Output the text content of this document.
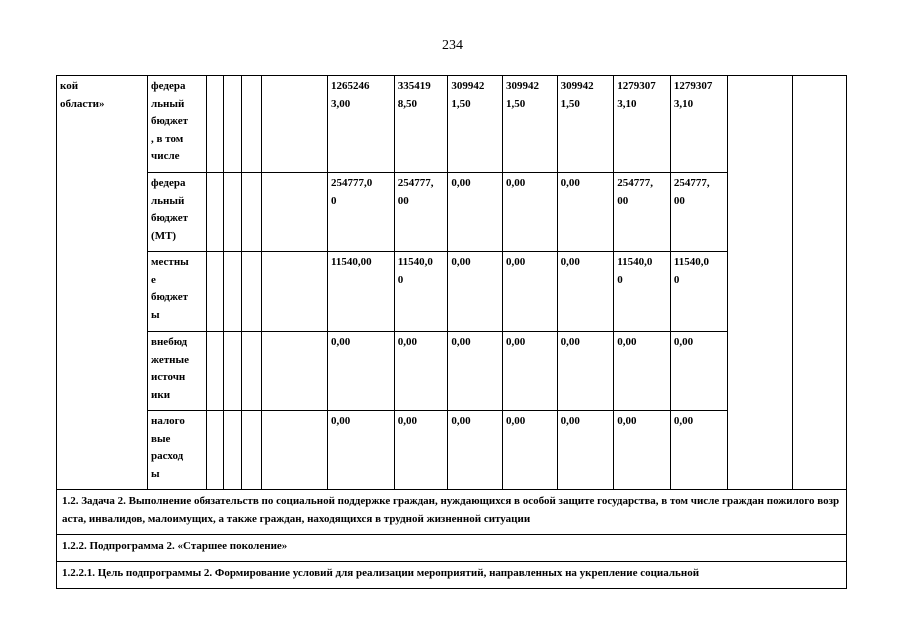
234
кой
области»	федера
льный
бюджет
, в том
числе					1265246
3,00	335419
8,50	309942
1,50	309942
1,50	309942
1,50	1279307
3,10	1279307
3,10		
	федера
льный
бюджет
(МТ)					254777,0
0	254777,
00	0,00	0,00	0,00	254777,
00	254777,
00		
	местны
е
бюджет
ы					11540,00	11540,0
0	0,00	0,00	0,00	11540,0
0	11540,0
0		
	внебюд
жетные
источн
ики					0,00	0,00	0,00	0,00	0,00	0,00	0,00		
	налого
вые
расход
ы					0,00	0,00	0,00	0,00	0,00	0,00	0,00		
1.2. Задача 2. Выполнение обязательств по социальной поддержке граждан, нуждающихся в особой защите государства, в том числе граждан пожилого возраста, инвалидов, малоимущих, а также граждан, находящихся в трудной жизненной ситуации														
1.2.2. Подпрограмма 2. «Старшее поколение»														
1.2.2.1. Цель подпрограммы 2. Формирование условий для реализации мероприятий, направленных на укрепление социальной														
